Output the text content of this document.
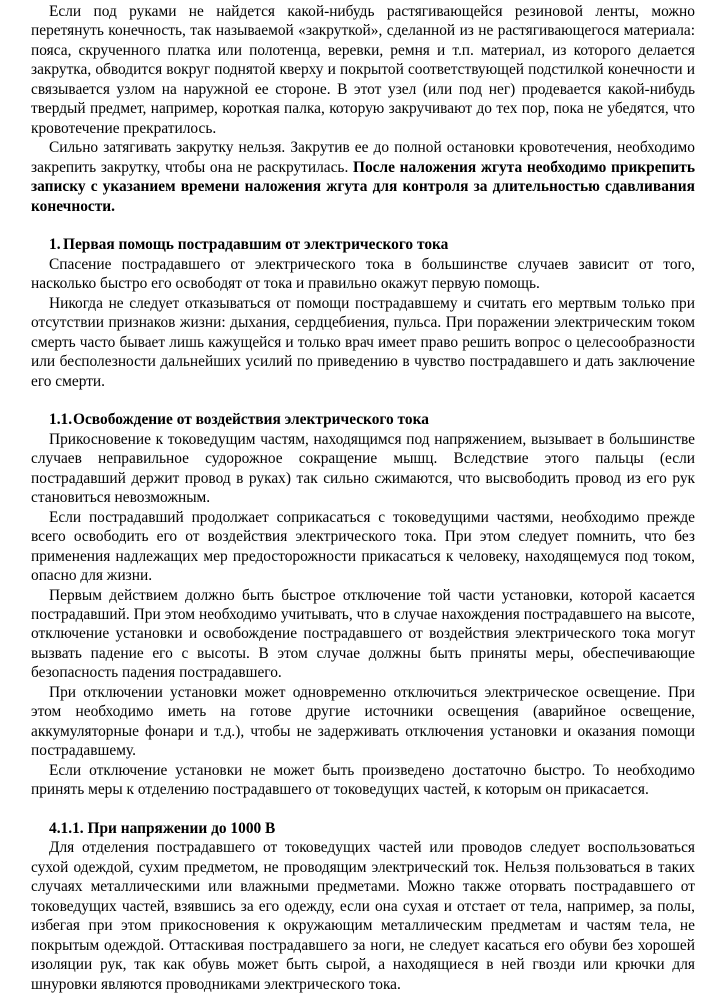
Если под руками не найдется какой-нибудь растягивающейся резиновой ленты, можно перетянуть конечность, так называемой «закруткой», сделанной из не растягивающегося материала: пояса, скрученного платка или полотенца, веревки, ремня и т.п. материал, из которого делается закрутка, обводится вокруг поднятой кверху и покрытой соответствующей подстилкой конечности и связывается узлом на наружной ее стороне. В этот узел (или под нег) продевается какой-нибудь твердый предмет, например, короткая палка, которую закручивают до тех пор, пока не убедятся, что кровотечение прекратилось.

Сильно затягивать закрутку нельзя. Закрутив ее до полной остановки кровотечения, необходимо закрепить закрутку, чтобы она не раскрутилась. После наложения жгута необходимо прикрепить записку с указанием времени наложения жгута для контроля за длительностью сдавливания конечности.

1. Первая помощь пострадавшим от электрического тока

Спасение пострадавшего от электрического тока в большинстве случаев зависит от того, насколько быстро его освободят от тока и правильно окажут первую помощь.

Никогда не следует отказываться от помощи пострадавшему и считать его мертвым только при отсутствии признаков жизни: дыхания, сердцебиения, пульса. При поражении электрическим током смерть часто бывает лишь кажущейся и только врач имеет право решить вопрос о целесообразности или бесполезности дальнейших усилий по приведению в чувство пострадавшего и дать заключение его смерти.

1.1.Освобождение от воздействия электрического тока

Прикосновение к токоведущим частям, находящимся под напряжением, вызывает в большинстве случаев неправильное судорожное сокращение мышц. Вследствие этого пальцы (если пострадавший держит провод в руках) так сильно сжимаются, что высвободить провод из его рук становиться невозможным.

Если пострадавший продолжает соприкасаться с токоведущими частями, необходимо прежде всего освободить его от воздействия электрического тока. При этом следует помнить, что без применения надлежащих мер предосторожности прикасаться к человеку, находящемуся под током, опасно для жизни.

Первым действием должно быть быстрое отключение той части установки, которой касается пострадавший. При этом необходимо учитывать, что в случае нахождения пострадавшего на высоте, отключение установки и освобождение пострадавшего от воздействия электрического тока могут вызвать падение его с высоты. В этом случае должны быть приняты меры, обеспечивающие безопасность падения пострадавшего.

При отключении установки может одновременно отключиться электрическое освещение. При этом необходимо иметь на готове другие источники освещения (аварийное освещение, аккумуляторные фонари и т.д.), чтобы не задерживать отключения установки и оказания помощи пострадавшему.

Если отключение установки не может быть произведено достаточно быстро. То необходимо принять меры к отделению пострадавшего от токоведущих частей, к которым он прикасается.

4.1.1. При напряжении до 1000 В

Для отделения пострадавшего от токоведущих частей или проводов следует воспользоваться сухой одеждой, сухим предметом, не проводящим электрический ток. Нельзя пользоваться в таких случаях металлическими или влажными предметами. Можно также оторвать пострадавшего от токоведущих частей, взявшись за его одежду, если она сухая и отстает от тела, например, за полы, избегая при этом прикосновения к окружающим металлическим предметам и частям тела, не покрытым одеждой. Оттаскивая пострадавшего за ноги, не следует касаться его обуви без хорошей изоляции рук, так как обувь может быть сырой, а находящиеся в ней гвозди или крючки для шнуровки являются проводниками электрического тока.
